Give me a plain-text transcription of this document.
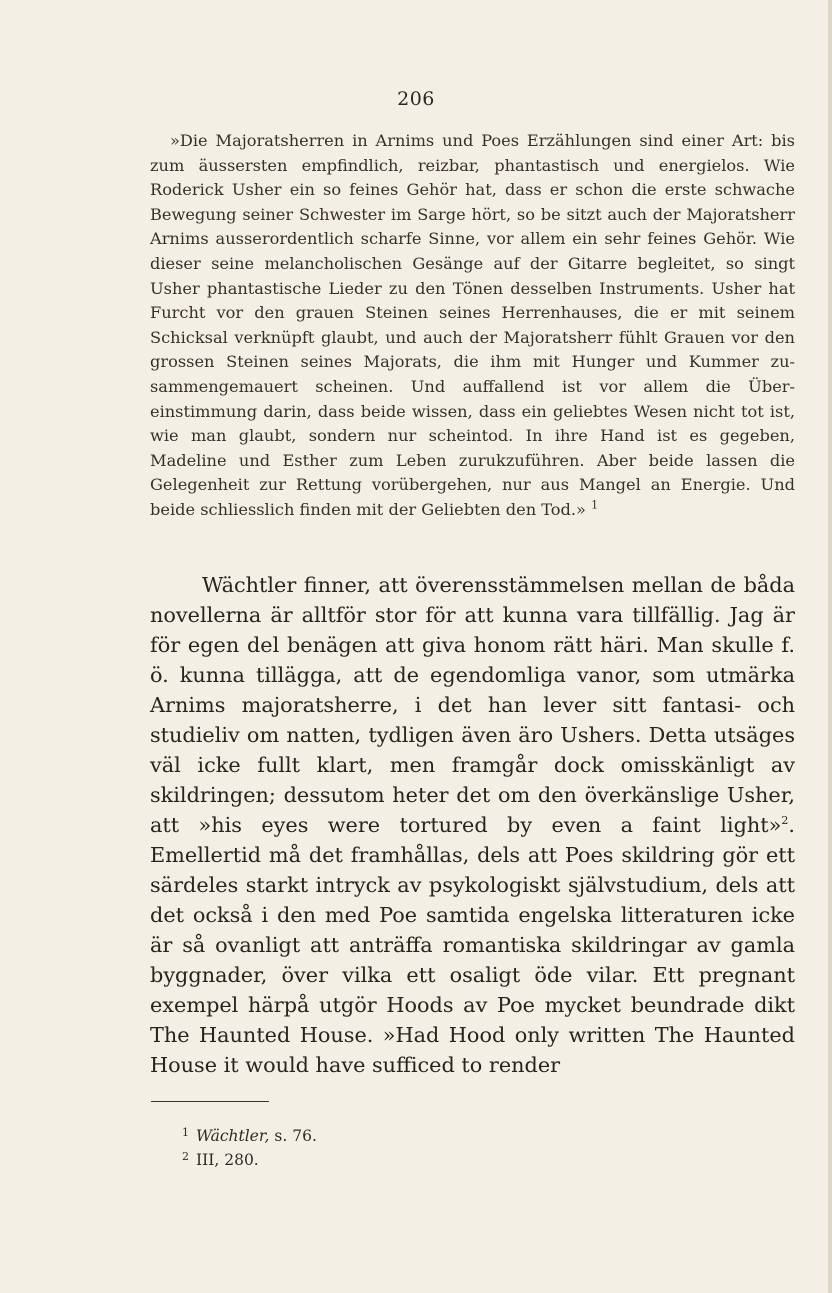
206
»Die Majoratsherren in Arnims und Poes Erzählungen sind einer Art: bis zum äussersten empfindlich, reizbar, phantastisch und energielos. Wie Roderick Usher ein so feines Gehör hat, dass er schon die erste schwache Bewegung seiner Schwester im Sarge hört, so be sitzt auch der Majoratsherr Arnims ausserordentlich scharfe Sinne, vor allem ein sehr feines Gehör. Wie dieser seine melancholischen Gesänge auf der Gitarre begleitet, so singt Usher phantastische Lieder zu den Tönen desselben Instruments. Usher hat Furcht vor den grauen Steinen seines Herrenhauses, die er mit seinem Schicksal verknüpft glaubt, und auch der Majoratsherr fühlt Grauen vor den grossen Steinen seines Majorats, die ihm mit Hunger und Kummer zusammengemauert scheinen. Und auffallend ist vor allem die Übereinstimmung darin, dass beide wissen, dass ein geliebtes Wesen nicht tot ist, wie man glaubt, sondern nur scheintod. In ihre Hand ist es gegeben, Madeline und Esther zum Leben zurukzuführen. Aber beide lassen die Gelegenheit zur Rettung vorübergehen, nur aus Mangel an Energie. Und beide schliesslich finden mit der Geliebten den Tod.» $^1$
Wächtler finner, att överensstämmelsen mellan de båda novellerna är alltför stor för att kunna vara tillfällig. Jag är för egen del benägen att giva honom rätt häri. Man skulle f. ö. kunna tillägga, att de egendomliga vanor, som utmärka Arnims majoratsherre, i det han lever sitt fantasi- och studieliv om natten, tydligen även äro Ushers. Detta utsäges väl icke fullt klart, men framgår dock omisskänligt av skildringen; dessutom heter det om den överkänslige Usher, att »his eyes were tortured by even a faint light»$^2$. Emellertid må det framhållas, dels att Poes skildring gör ett särdeles starkt intryck av psykologiskt självstudium, dels att det också i den med Poe samtida engelska litteraturen icke är så ovanligt att anträffa romantiska skildringar av gamla byggnader, över vilka ett osaligt öde vilar. Ett pregnant exempel härpå utgör Hoods av Poe mycket beundrade dikt The Haunted House. »Had Hood only written The Haunted House it would have sufficed to render
1 Wächtler, s. 76.
2 III, 280.
